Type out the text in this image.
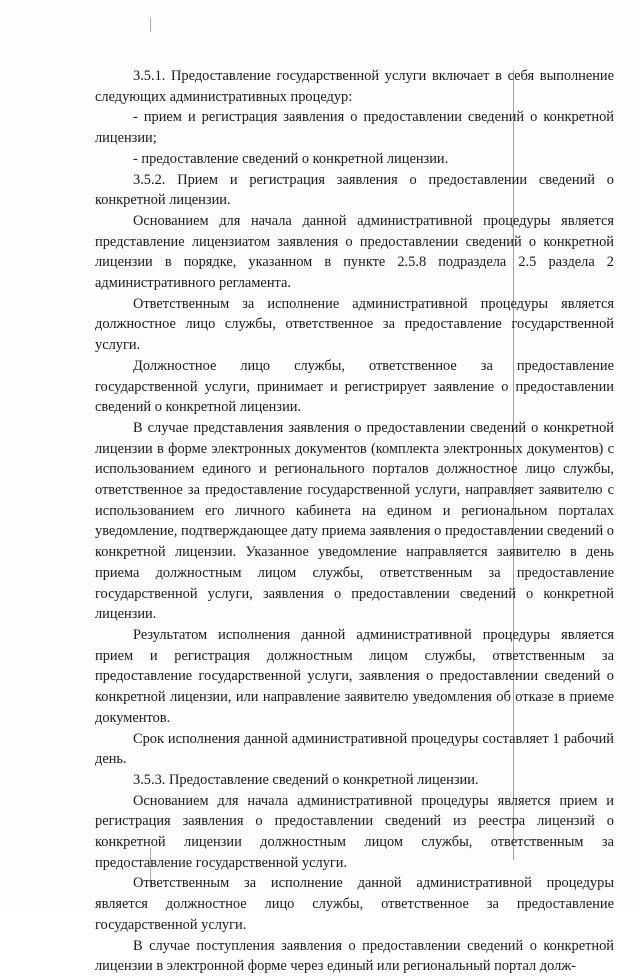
3.5.1. Предоставление государственной услуги включает в себя выполнение следующих административных процедур:

- прием и регистрация заявления о предоставлении сведений о конкретной лицензии;

- предоставление сведений о конкретной лицензии.

3.5.2. Прием и регистрация заявления о предоставлении сведений о конкретной лицензии.

Основанием для начала данной административной процедуры является представление лицензиатом заявления о предоставлении сведений о конкретной лицензии в порядке, указанном в пункте 2.5.8 подраздела 2.5 раздела 2 административного регламента.

Ответственным за исполнение административной процедуры является должностное лицо службы, ответственное за предоставление государственной услуги.

Должностное лицо службы, ответственное за предоставление государственной услуги, принимает и регистрирует заявление о предоставлении сведений о конкретной лицензии.

В случае представления заявления о предоставлении сведений о конкретной лицензии в форме электронных документов (комплекта электронных документов) с использованием единого и регионального порталов должностное лицо службы, ответственное за предоставление государственной услуги, направляет заявителю с использованием его личного кабинета на едином и региональном порталах уведомление, подтверждающее дату приема заявления о предоставлении сведений о конкретной лицензии. Указанное уведомление направляется заявителю в день приема должностным лицом службы, ответственным за предоставление государственной услуги, заявления о предоставлении сведений о конкретной лицензии.

Результатом исполнения данной административной процедуры является прием и регистрация должностным лицом службы, ответственным за предоставление государственной услуги, заявления о предоставлении сведений о конкретной лицензии, или направление заявителю уведомления об отказе в приеме документов.

Срок исполнения данной административной процедуры составляет 1 рабочий день.

3.5.3. Предоставление сведений о конкретной лицензии.

Основанием для начала административной процедуры является прием и регистрация заявления о предоставлении сведений из реестра лицензий о конкретной лицензии должностным лицом службы, ответственным за предоставление государственной услуги.

Ответственным за исполнение данной административной процедуры является должностное лицо службы, ответственное за предоставление государственной услуги.

В случае поступления заявления о предоставлении сведений о конкретной лицензии в электронной форме через единый или региональный портал долж-
